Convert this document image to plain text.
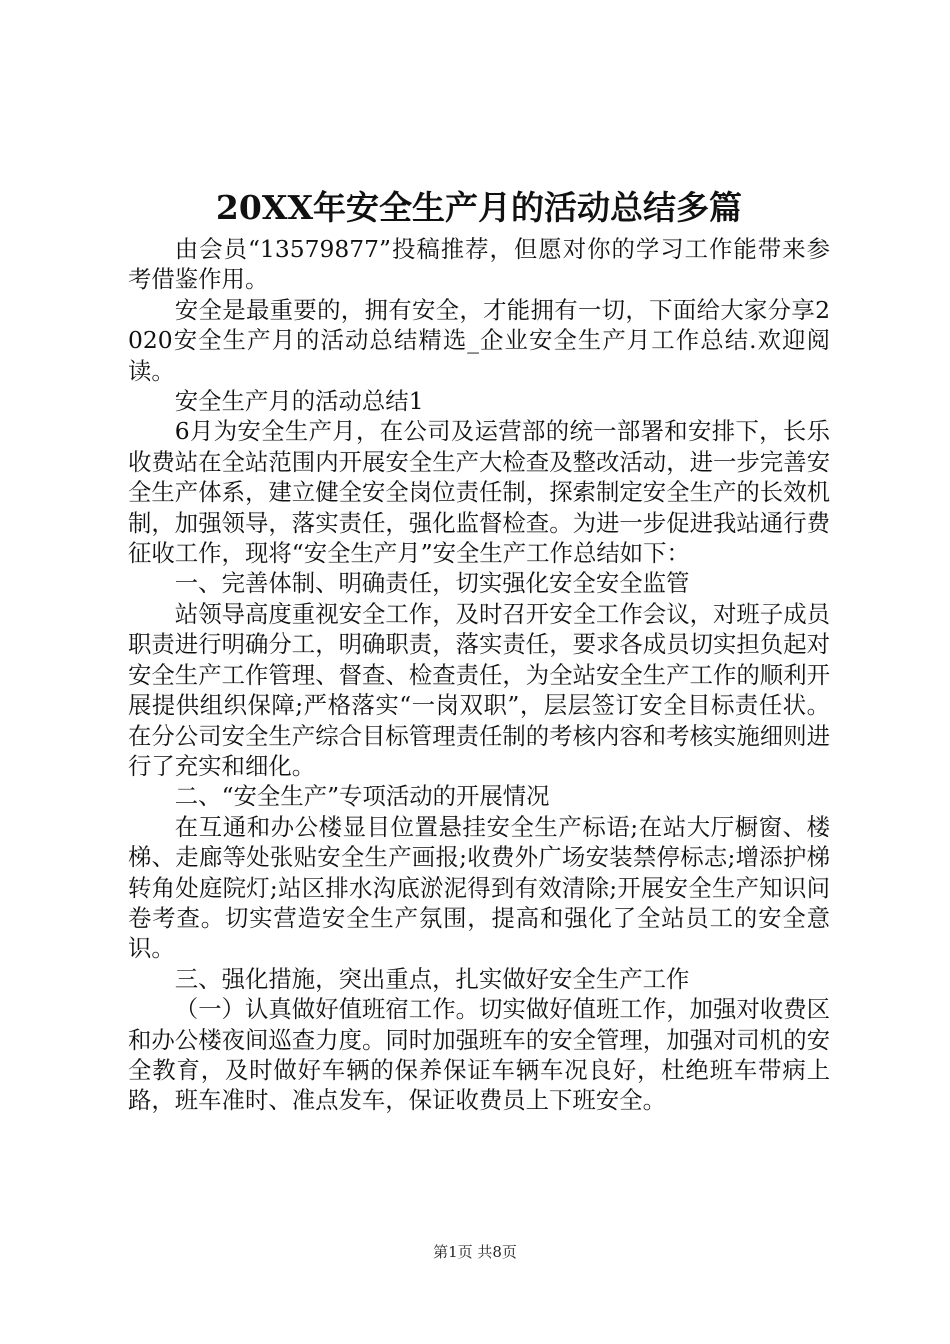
20XX年安全生产月的活动总结多篇

由会员“13579877”投稿推荐，但愿对你的学习工作能带来参考借鉴作用。

安全是最重要的，拥有安全，才能拥有一切，下面给大家分享2020安全生产月的活动总结精选_企业安全生产月工作总结.欢迎阅读。

安全生产月的活动总结1

6月为安全生产月，在公司及运营部的统一部署和安排下，长乐收费站在全站范围内开展安全生产大检查及整改活动，进一步完善安全生产体系，建立健全安全岗位责任制，探索制定安全生产的长效机制，加强领导，落实责任，强化监督检查。为进一步促进我站通行费征收工作，现将“安全生产月”安全生产工作总结如下：

一、完善体制、明确责任，切实强化安全安全监管

站领导高度重视安全工作，及时召开安全工作会议，对班子成员职责进行明确分工，明确职责，落实责任，要求各成员切实担负起对安全生产工作管理、督查、检查责任，为全站安全生产工作的顺利开展提供组织保障;严格落实“一岗双职”，层层签订安全目标责任状。在分公司安全生产综合目标管理责任制的考核内容和考核实施细则进行了充实和细化。

二、“安全生产”专项活动的开展情况

在互通和办公楼显目位置悬挂安全生产标语;在站大厅橱窗、楼梯、走廊等处张贴安全生产画报;收费外广场安装禁停标志;增添护梯转角处庭院灯;站区排水沟底淤泥得到有效清除;开展安全生产知识问卷考查。切实营造安全生产氛围，提高和强化了全站员工的安全意识。

三、强化措施，突出重点，扎实做好安全生产工作

（一）认真做好值班宿工作。切实做好值班工作，加强对收费区和办公楼夜间巡查力度。同时加强班车的安全管理，加强对司机的安全教育，及时做好车辆的保养保证车辆车况良好，杜绝班车带病上路，班车准时、准点发车，保证收费员上下班安全。

第1页 共8页
